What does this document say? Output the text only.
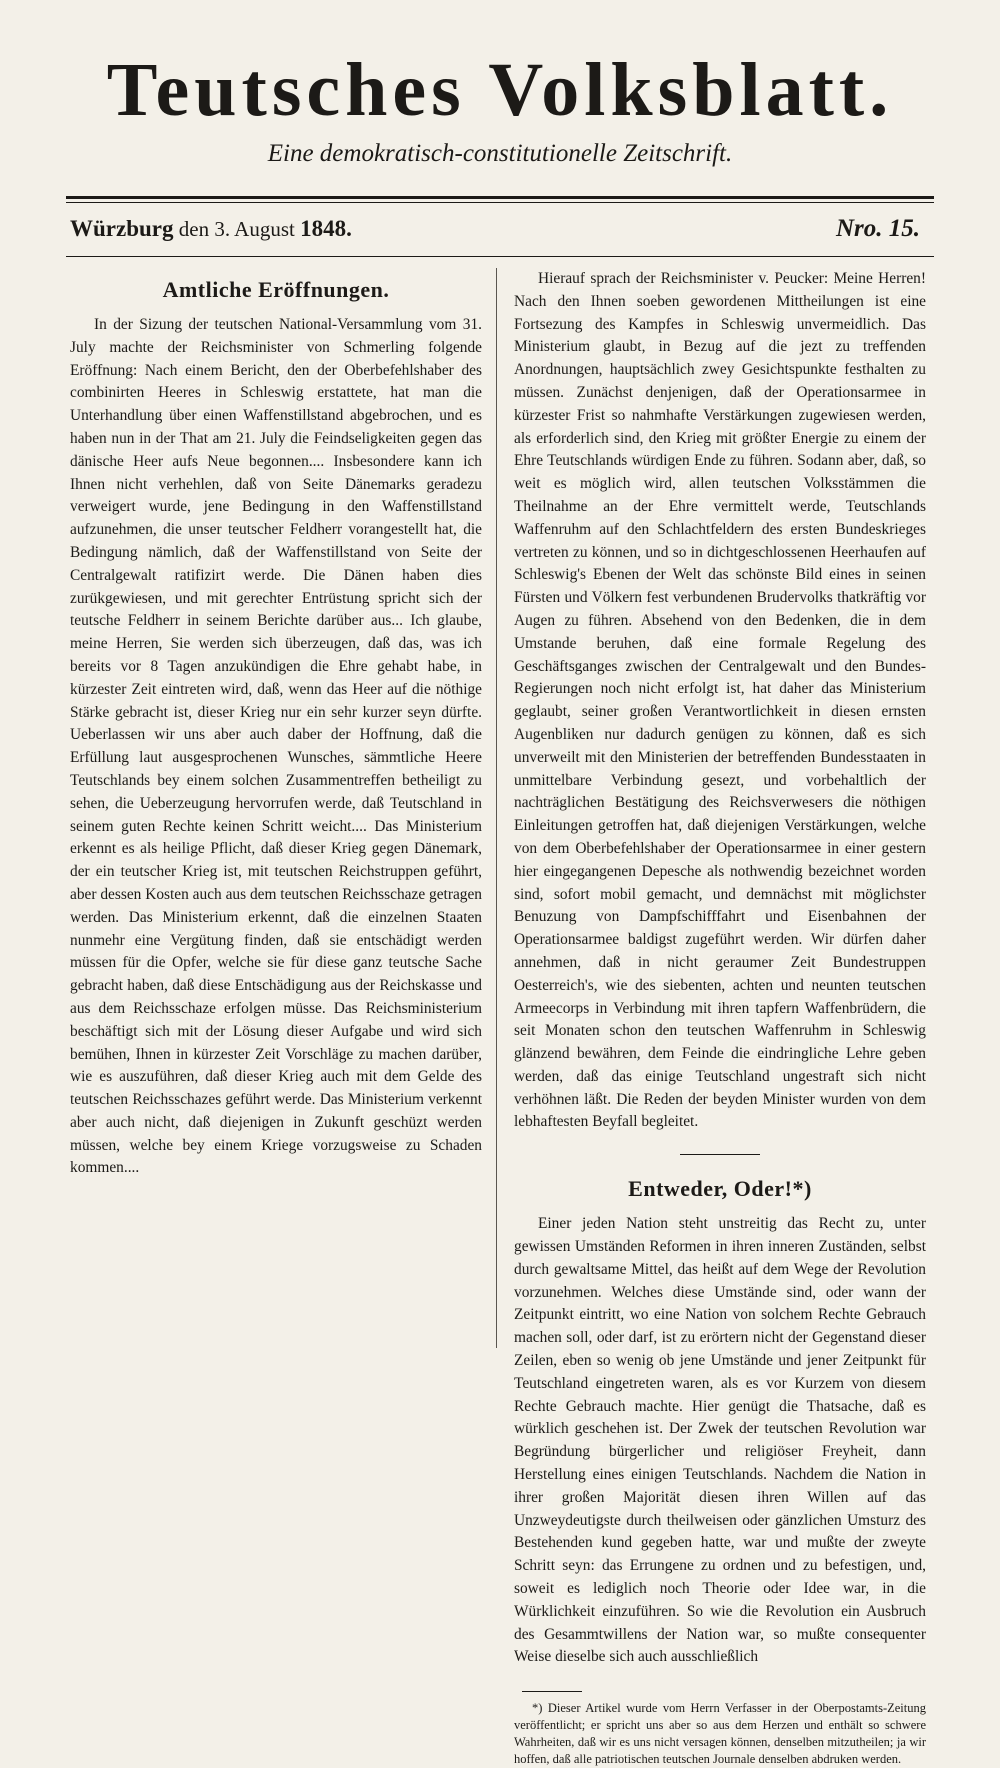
Teutsches Volksblatt.
Eine demokratisch-constitutionelle Zeitschrift.
Würzburg den 3. August 1848.	Nro. 15.
Amtliche Eröffnungen.

In der Sizung der teutschen National-Versammlung vom 31. July machte der Reichsminister von Schmerling folgende Eröffnung: Nach einem Bericht, den der Oberbefehlshaber des combinirten Heeres in Schleswig erstattete, hat man die Unterhandlung über einen Waffenstillstand abgebrochen, und es haben nun in der That am 21. July die Feindseligkeiten gegen das dänische Heer aufs Neue begonnen.... Insbesondere kann ich Ihnen nicht verhehlen, daß von Seite Dänemarks geradezu verweigert wurde, jene Bedingung in den Waffenstillstand aufzunehmen, die unser teutscher Feldherr vorangestellt hat, die Bedingung nämlich, daß der Waffenstillstand von Seite der Centralgewalt ratifizirt werde. Die Dänen haben dies zurükgewiesen, und mit gerechter Entrüstung spricht sich der teutsche Feldherr in seinem Berichte darüber aus... Ich glaube, meine Herren, Sie werden sich überzeugen, daß das, was ich bereits vor 8 Tagen anzukündigen die Ehre gehabt habe, in kürzester Zeit eintreten wird, daß, wenn das Heer auf die nöthige Stärke gebracht ist, dieser Krieg nur ein sehr kurzer seyn dürfte. Ueberlassen wir uns aber auch daber der Hoffnung, daß die Erfüllung laut ausgesprochenen Wunsches, sämmtliche Heere Teutschlands bey einem solchen Zusammentreffen betheiligt zu sehen, die Ueberzeugung hervorrufen werde, daß Teutschland in seinem guten Rechte keinen Schritt weicht.... Das Ministerium erkennt es als heilige Pflicht, daß dieser Krieg gegen Dänemark, der ein teutscher Krieg ist, mit teutschen Reichstruppen geführt, aber dessen Kosten auch aus dem teutschen Reichsschaze getragen werden. Das Ministerium erkennt, daß die einzelnen Staaten nunmehr eine Vergütung finden, daß sie entschädigt werden müssen für die Opfer, welche sie für diese ganz teutsche Sache gebracht haben, daß diese Entschädigung aus der Reichskasse und aus dem Reichsschaze erfolgen müsse. Das Reichsministerium beschäftigt sich mit der Lösung dieser Aufgabe und wird sich bemühen, Ihnen in kürzester Zeit Vorschläge zu machen darüber, wie es auszuführen, daß dieser Krieg auch mit dem Gelde des teutschen Reichsschazes geführt werde. Das Ministerium verkennt aber auch nicht, daß diejenigen in Zukunft geschüzt werden müssen, welche bey einem Kriege vorzugsweise zu Schaden kommen....

Hierauf sprach der Reichsminister v. Peucker: Meine Herren! Nach den Ihnen soeben gewordenen Mittheilungen ist eine Fortsezung des Kampfes in Schleswig unvermeidlich. Das Ministerium glaubt, in Bezug auf die jezt zu treffenden Anordnungen, hauptsächlich zwey Gesichtspunkte festhalten zu müssen. Zunächst denjenigen, daß der Operationsarmee in kürzester Frist so nahmhafte Verstärkungen zugewiesen werden, als erforderlich sind, den Krieg mit größter Energie zu einem der Ehre Teutschlands würdigen Ende zu führen. Sodann aber, daß, so weit es möglich wird, allen teutschen Volksstämmen die Theilnahme an der Ehre vermittelt werde, Teutschlands Waffenruhm auf den Schlachtfeldern des ersten Bundeskrieges vertreten zu können, und so in dichtgeschlossenen Heerhaufen auf Schleswig's Ebenen der Welt das schönste Bild eines in seinen Fürsten und Völkern fest verbundenen Brudervolks thatkräftig vor Augen zu führen. Absehend von den Bedenken, die in dem Umstande beruhen, daß eine formale Regelung des Geschäftsganges zwischen der Centralgewalt und den Bundes-Regierungen noch nicht erfolgt ist, hat daher das Ministerium geglaubt, seiner großen Verantwortlichkeit in diesen ernsten Augenbliken nur dadurch genügen zu können, daß es sich unverweilt mit den Ministerien der betreffenden Bundesstaaten in unmittelbare Verbindung gesezt, und vorbehaltlich der nachträglichen Bestätigung des Reichsverwesers die nöthigen Einleitungen getroffen hat, daß diejenigen Verstärkungen, welche von dem Oberbefehlshaber der Operationsarmee in einer gestern hier eingegangenen Depesche als nothwendig bezeichnet worden sind, sofort mobil gemacht, und demnächst mit möglichster Benuzung von Dampfschifffahrt und Eisenbahnen der Operationsarmee baldigst zugeführt werden. Wir dürfen daher annehmen, daß in nicht geraumer Zeit Bundestruppen Oesterreich's, wie des siebenten, achten und neunten teutschen Armeecorps in Verbindung mit ihren tapfern Waffenbrüdern, die seit Monaten schon den teutschen Waffenruhm in Schleswig glänzend bewähren, dem Feinde die eindringliche Lehre geben werden, daß das einige Teutschland ungestraft sich nicht verhöhnen läßt. Die Reden der beyden Minister wurden von dem lebhaftesten Beyfall begleitet.

Entweder, Oder!*)

Einer jeden Nation steht unstreitig das Recht zu, unter gewissen Umständen Reformen in ihren inneren Zuständen, selbst durch gewaltsame Mittel, das heißt auf dem Wege der Revolution vorzunehmen. Welches diese Umstände sind, oder wann der Zeitpunkt eintritt, wo eine Nation von solchem Rechte Gebrauch machen soll, oder darf, ist zu erörtern nicht der Gegenstand dieser Zeilen, eben so wenig ob jene Umstände und jener Zeitpunkt für Teutschland eingetreten waren, als es vor Kurzem von diesem Rechte Gebrauch machte. Hier genügt die Thatsache, daß es würklich geschehen ist. Der Zwek der teutschen Revolution war Begründung bürgerlicher und religiöser Freyheit, dann Herstellung eines einigen Teutschlands. Nachdem die Nation in ihrer großen Majorität diesen ihren Willen auf das Unzweydeutigste durch theilweisen oder gänzlichen Umsturz des Bestehenden kund gegeben hatte, war und mußte der zweyte Schritt seyn: das Errungene zu ordnen und zu befestigen, und, soweit es lediglich noch Theorie oder Idee war, in die Würklichkeit einzuführen. So wie die Revolution ein Ausbruch des Gesammtwillens der Nation war, so mußte consequenter Weise dieselbe sich auch ausschließlich

*) Dieser Artikel wurde vom Herrn Verfasser in der Oberpostamts-Zeitung veröffentlicht; er spricht uns aber so aus dem Herzen und enthält so schwere Wahrheiten, daß wir es uns nicht versagen können, denselben mitzutheilen; ja wir hoffen, daß alle patriotischen teutschen Journale denselben abdruken werden.
